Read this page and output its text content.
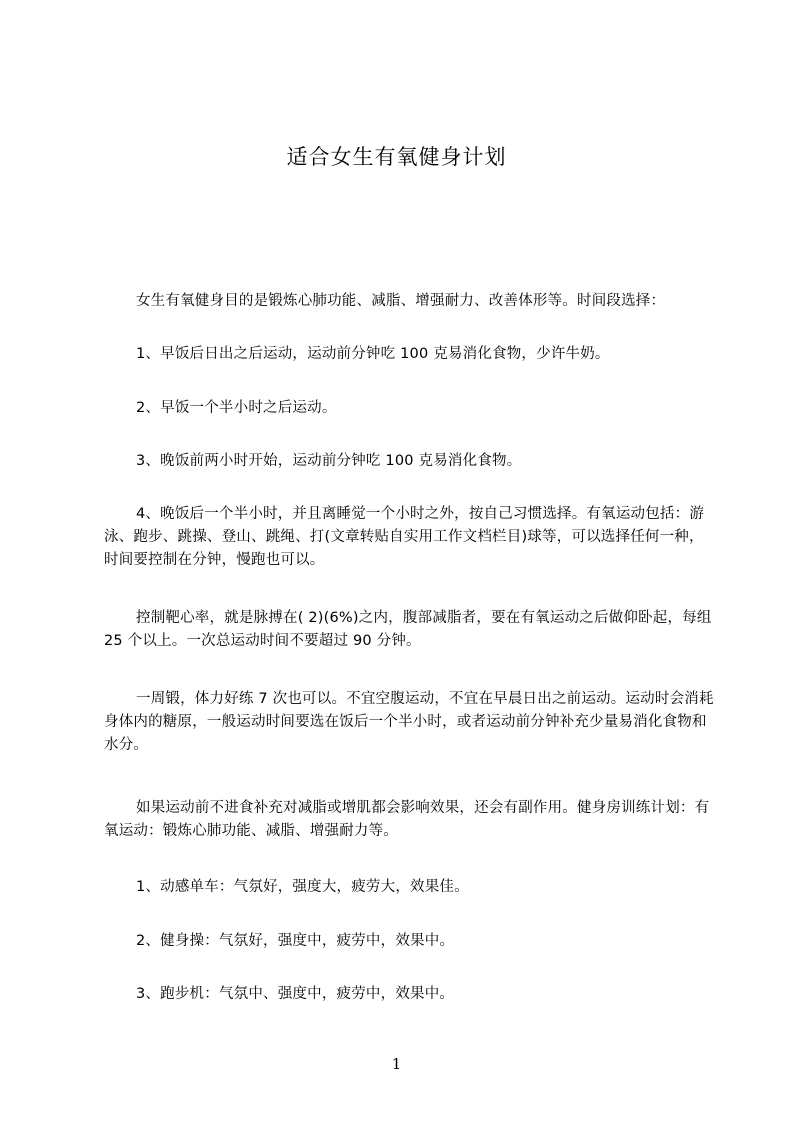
适合女生有氧健身计划

女生有氧健身目的是锻炼心肺功能、减脂、增强耐力、改善体形等。时间段选择：

1、早饭后日出之后运动，运动前分钟吃 100 克易消化食物，少许牛奶。

2、早饭一个半小时之后运动。

3、晚饭前两小时开始，运动前分钟吃 100 克易消化食物。

4、晚饭后一个半小时，并且离睡觉一个小时之外，按自己习惯选择。有氧运动包括：游泳、跑步、跳操、登山、跳绳、打(文章转贴自实用工作文档栏目)球等，可以选择任何一种，时间要控制在分钟，慢跑也可以。

控制靶心率，就是脉搏在( 2)(6%)之内，腹部减脂者，要在有氧运动之后做仰卧起，每组 25 个以上。一次总运动时间不要超过 90 分钟。

一周锻，体力好练 7 次也可以。不宜空腹运动，不宜在早晨日出之前运动。运动时会消耗身体内的糖原，一般运动时间要选在饭后一个半小时，或者运动前分钟补充少量易消化食物和水分。

如果运动前不进食补充对减脂或增肌都会影响效果，还会有副作用。健身房训练计划：有氧运动：锻炼心肺功能、减脂、增强耐力等。

1、动感单车：气氛好，强度大，疲劳大，效果佳。

2、健身操：气氛好，强度中，疲劳中，效果中。

3、跑步机：气氛中、强度中，疲劳中，效果中。

1
